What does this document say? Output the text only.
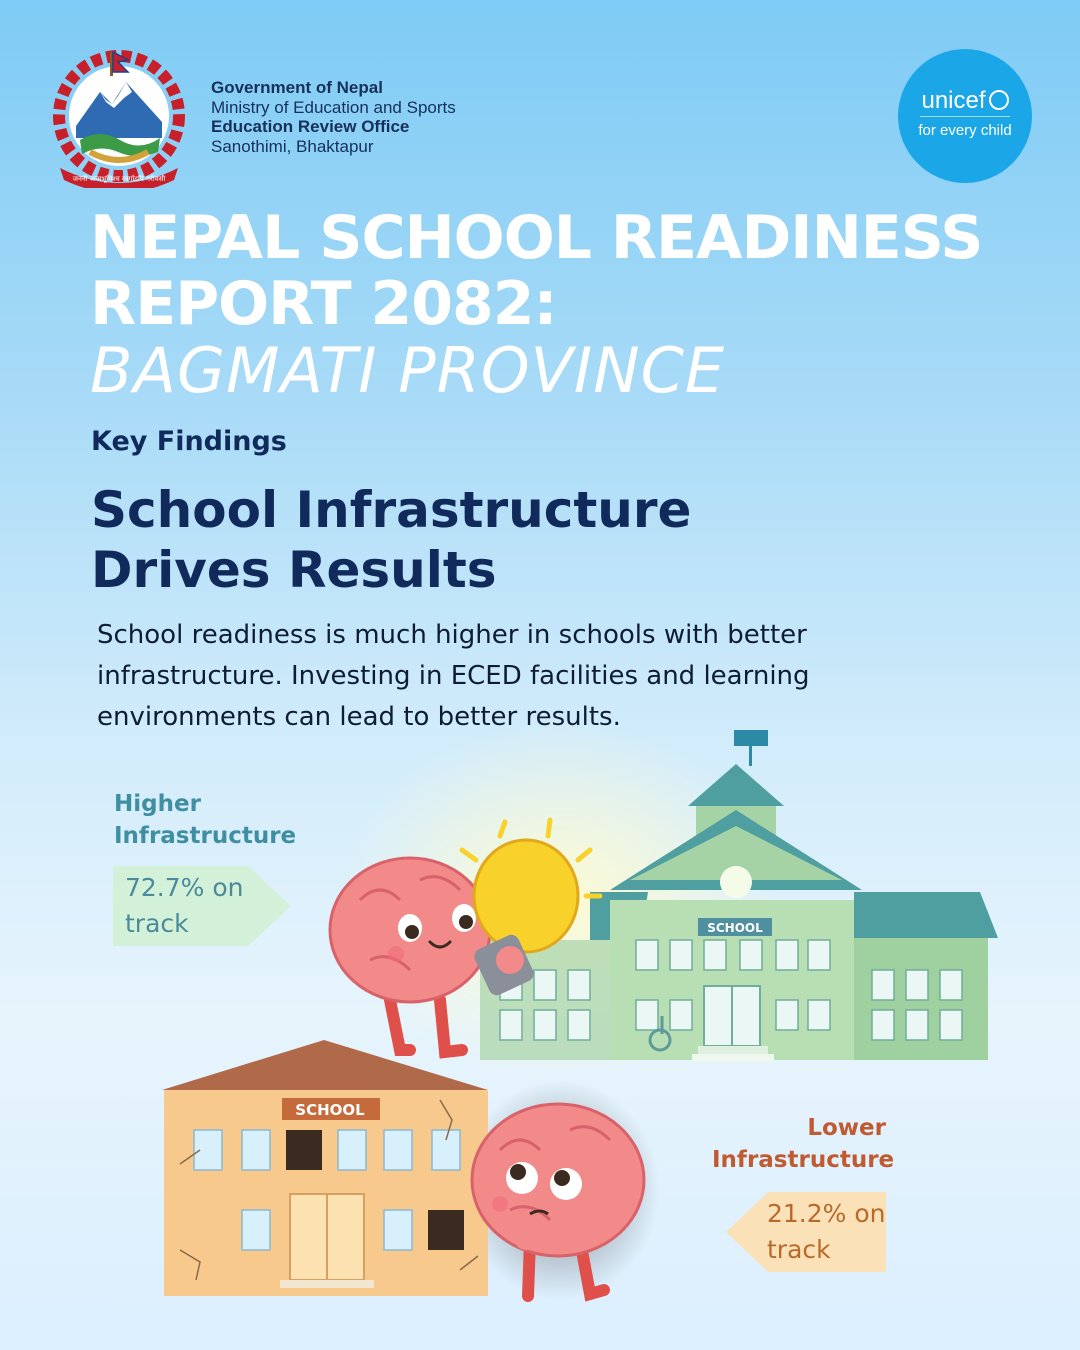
जननी जन्मभूमिश्च स्वर्गादपि गरीयसी
Government of Nepal
Ministry of Education and Sports
Education Review Office
Sanothimi, Bhaktapur
unicef
for every child
NEPAL SCHOOL READINESS
REPORT 2082:
BAGMATI PROVINCE
Key Findings
School Infrastructure
Drives Results
School readiness is much higher in schools with better
infrastructure. Investing in ECED facilities and learning
environments can lead to better results.
SCHOOL
SCHOOL
Higher
Infrastructure
72.7% on
track
Lower
Infrastructure
21.2% on
track
